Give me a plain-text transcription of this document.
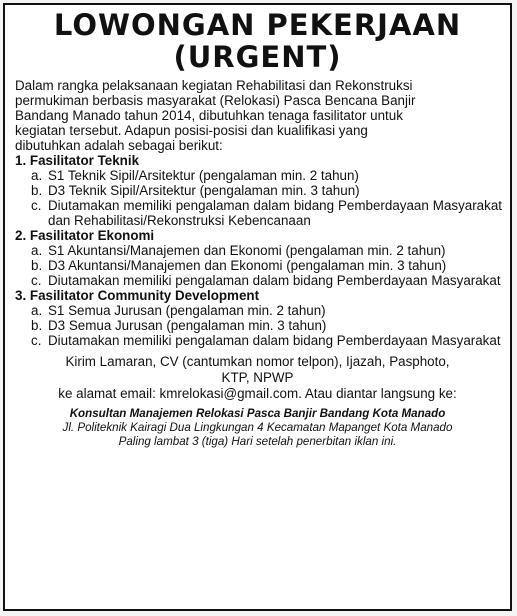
LOWONGAN PEKERJAAN
(URGENT)
Dalam rangka pelaksanaan kegiatan Rehabilitasi dan Rekonstruksi
permukiman berbasis masyarakat (Relokasi) Pasca Bencana Banjir
Bandang Manado tahun 2014, dibutuhkan tenaga fasilitator untuk
kegiatan tersebut. Adapun posisi-posisi dan kualifikasi yang
dibutuhkan adalah sebagai berikut:
1. Fasilitator Teknik
a. S1 Teknik Sipil/Arsitektur (pengalaman min. 2 tahun)
b. D3 Teknik Sipil/Arsitektur (pengalaman min. 3 tahun)
c. Diutamakan memiliki pengalaman dalam bidang Pemberdayaan Masyarakat dan Rehabilitasi/Rekonstruksi Kebencanaan
2. Fasilitator Ekonomi
a. S1 Akuntansi/Manajemen dan Ekonomi (pengalaman min. 2 tahun)
b. D3 Akuntansi/Manajemen dan Ekonomi (pengalaman min. 3 tahun)
c. Diutamakan memiliki pengalaman dalam bidang Pemberdayaan Masyarakat
3. Fasilitator Community Development
a. S1 Semua Jurusan (pengalaman min. 2 tahun)
b. D3 Semua Jurusan (pengalaman min. 3 tahun)
c. Diutamakan memiliki pengalaman dalam bidang Pemberdayaan Masyarakat
Kirim Lamaran, CV (cantumkan nomor telpon), Ijazah, Pasphoto,
KTP, NPWP
ke alamat email: kmrelokasi@gmail.com. Atau diantar langsung ke:
Konsultan Manajemen Relokasi Pasca Banjir Bandang Kota Manado
Jl. Politeknik Kairagi Dua Lingkungan 4 Kecamatan Mapanget Kota Manado
Paling lambat 3 (tiga) Hari setelah penerbitan iklan ini.
